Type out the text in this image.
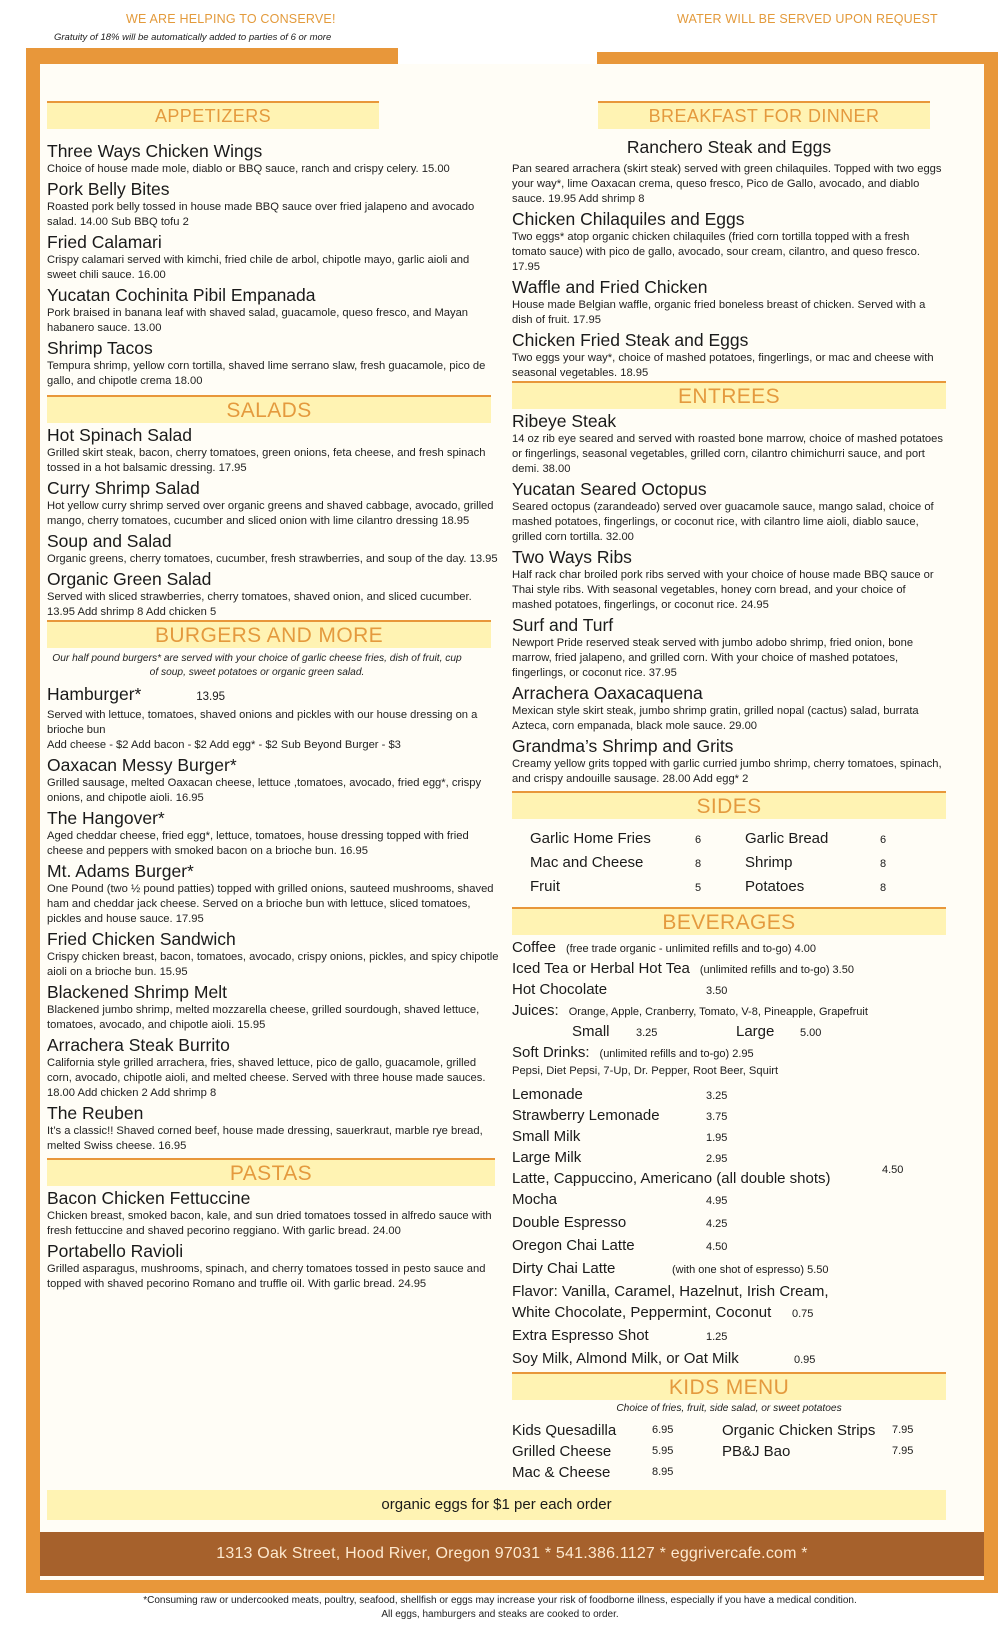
WE ARE HELPING TO CONSERVE!
Gratuity of 18% will be automatically added to parties of 6 or more
WATER WILL BE SERVED UPON REQUEST
APPETIZERS
Three Ways Chicken Wings
Choice of house made mole, diablo or BBQ sauce, ranch and crispy celery. 15.00
Pork Belly Bites
Roasted pork belly tossed in house made BBQ sauce over fried jalapeno and avocado salad. 14.00 Sub BBQ tofu 2
Fried Calamari
Crispy calamari served with kimchi, fried chile de arbol, chipotle mayo, garlic aioli and sweet chili sauce. 16.00
Yucatan Cochinita Pibil Empanada
Pork braised in banana leaf with shaved salad, guacamole, queso fresco, and Mayan habanero sauce. 13.00
Shrimp Tacos
Tempura shrimp, yellow corn tortilla, shaved lime serrano slaw, fresh guacamole, pico de gallo, and chipotle crema 18.00
SALADS
Hot Spinach Salad
Grilled skirt steak, bacon, cherry tomatoes, green onions, feta cheese, and fresh spinach tossed in a hot balsamic dressing. 17.95
Curry Shrimp Salad
Hot yellow curry shrimp served over organic greens and shaved cabbage, avocado, grilled mango, cherry tomatoes, cucumber and sliced onion with lime cilantro dressing 18.95
Soup and Salad
Organic greens, cherry tomatoes, cucumber, fresh strawberries, and soup of the day. 13.95
Organic Green Salad
Served with sliced strawberries, cherry tomatoes, shaved onion, and sliced cucumber. 13.95 Add shrimp 8 Add chicken 5
BURGERS AND MORE
Our half pound burgers* are served with your choice of garlic cheese fries, dish of fruit, cup of soup, sweet potatoes or organic green salad.
Hamburger*	13.95
Served with lettuce, tomatoes, shaved onions and pickles with our house dressing on a brioche bun
Add cheese - $2 Add bacon - $2 Add egg* - $2 Sub Beyond Burger - $3
Oaxacan Messy Burger*
Grilled sausage, melted Oaxacan cheese, lettuce ,tomatoes, avocado, fried egg*, crispy onions, and chipotle aioli. 16.95
The Hangover*
Aged cheddar cheese, fried egg*, lettuce, tomatoes, house dressing topped with fried cheese and peppers with smoked bacon on a brioche bun. 16.95
Mt. Adams Burger*
One Pound (two ½ pound patties) topped with grilled onions, sauteed mushrooms, shaved ham and cheddar jack cheese. Served on a brioche bun with lettuce, sliced tomatoes, pickles and house sauce. 17.95
Fried Chicken Sandwich
Crispy chicken breast, bacon, tomatoes, avocado, crispy onions, pickles, and spicy chipotle aioli on a brioche bun. 15.95
Blackened Shrimp Melt
Blackened jumbo shrimp, melted mozzarella cheese, grilled sourdough, shaved lettuce, tomatoes, avocado, and chipotle aioli. 15.95
Arrachera Steak Burrito
California style grilled arrachera, fries, shaved lettuce, pico de gallo, guacamole, grilled corn, avocado, chipotle aioli, and melted cheese. Served with three house made sauces. 18.00 Add chicken 2 Add shrimp 8
The Reuben
It’s a classic!! Shaved corned beef, house made dressing, sauerkraut, marble rye bread, melted Swiss cheese. 16.95
PASTAS
Bacon Chicken Fettuccine
Chicken breast, smoked bacon, kale, and sun dried tomatoes tossed in alfredo sauce with fresh fettuccine and shaved pecorino reggiano. With garlic bread. 24.00
Portabello Ravioli
Grilled asparagus, mushrooms, spinach, and cherry tomatoes tossed in pesto sauce and topped with shaved pecorino Romano and truffle oil. With garlic bread. 24.95
BREAKFAST FOR DINNER
Ranchero Steak and Eggs
Pan seared arrachera (skirt steak) served with green chilaquiles. Topped with two eggs your way*, lime Oaxacan crema, queso fresco, Pico de Gallo, avocado, and diablo sauce. 19.95 Add shrimp 8
Chicken Chilaquiles and Eggs
Two eggs* atop organic chicken chilaquiles (fried corn tortilla topped with a fresh tomato sauce) with pico de gallo, avocado, sour cream, cilantro, and queso fresco. 17.95
Waffle and Fried Chicken
House made Belgian waffle, organic fried boneless breast of chicken. Served with a dish of fruit. 17.95
Chicken Fried Steak and Eggs
Two eggs your way*, choice of mashed potatoes, fingerlings, or mac and cheese with seasonal vegetables. 18.95
ENTREES
Ribeye Steak
14 oz rib eye seared and served with roasted bone marrow, choice of mashed potatoes or fingerlings, seasonal vegetables, grilled corn, cilantro chimichurri sauce, and port demi. 38.00
Yucatan Seared Octopus
Seared octopus (zarandeado) served over guacamole sauce, mango salad, choice of mashed potatoes, fingerlings, or coconut rice, with cilantro lime aioli, diablo sauce, grilled corn tortilla. 32.00
Two Ways Ribs
Half rack char broiled pork ribs served with your choice of house made BBQ sauce or Thai style ribs. With seasonal vegetables, honey corn bread, and your choice of mashed potatoes, fingerlings, or coconut rice. 24.95
Surf and Turf
Newport Pride reserved steak served with jumbo adobo shrimp, fried onion, bone marrow, fried jalapeno, and grilled corn. With your choice of mashed potatoes, fingerlings, or coconut rice. 37.95
Arrachera Oaxacaquena
Mexican style skirt steak, jumbo shrimp gratin, grilled nopal (cactus) salad, burrata Azteca, corn empanada, black mole sauce. 29.00
Grandma’s Shrimp and Grits
Creamy yellow grits topped with garlic curried jumbo shrimp, cherry tomatoes, spinach, and crispy andouille sausage. 28.00 Add egg* 2
SIDES
Garlic Home Fries	6	Garlic Bread	6
Mac and Cheese	8	Shrimp	8
Fruit	5	Potatoes	8
BEVERAGES
Coffee (free trade organic - unlimited refills and to-go) 4.00
Iced Tea or Herbal Hot Tea (unlimited refills and to-go) 3.50
Hot Chocolate	3.50
Juices: Orange, Apple, Cranberry, Tomato, V-8, Pineapple, Grapefruit
Small	3.25	Large	5.00
Soft Drinks: (unlimited refills and to-go) 2.95
Pepsi, Diet Pepsi, 7-Up, Dr. Pepper, Root Beer, Squirt
Lemonade	3.25
Strawberry Lemonade	3.75
Small Milk	1.95
Large Milk	2.95
Latte, Cappuccino, Americano (all double shots)	4.50
Mocha	4.95
Double Espresso	4.25
Oregon Chai Latte	4.50
Dirty Chai Latte	(with one shot of espresso) 5.50
Flavor: Vanilla, Caramel, Hazelnut, Irish Cream,
White Chocolate, Peppermint, Coconut	0.75
Extra Espresso Shot	1.25
Soy Milk, Almond Milk, or Oat Milk	0.95
KIDS MENU
Choice of fries, fruit, side salad, or sweet potatoes
Kids Quesadilla	6.95	Organic Chicken Strips	7.95
Grilled Cheese	5.95	PB&J Bao	7.95
Mac & Cheese	8.95
organic eggs for $1 per each order
1313 Oak Street, Hood River, Oregon 97031 * 541.386.1127 * eggrivercafe.com *
*Consuming raw or undercooked meats, poultry, seafood, shellfish or eggs may increase your risk of foodborne illness, especially if you have a medical condition.
All eggs, hamburgers and steaks are cooked to order.
